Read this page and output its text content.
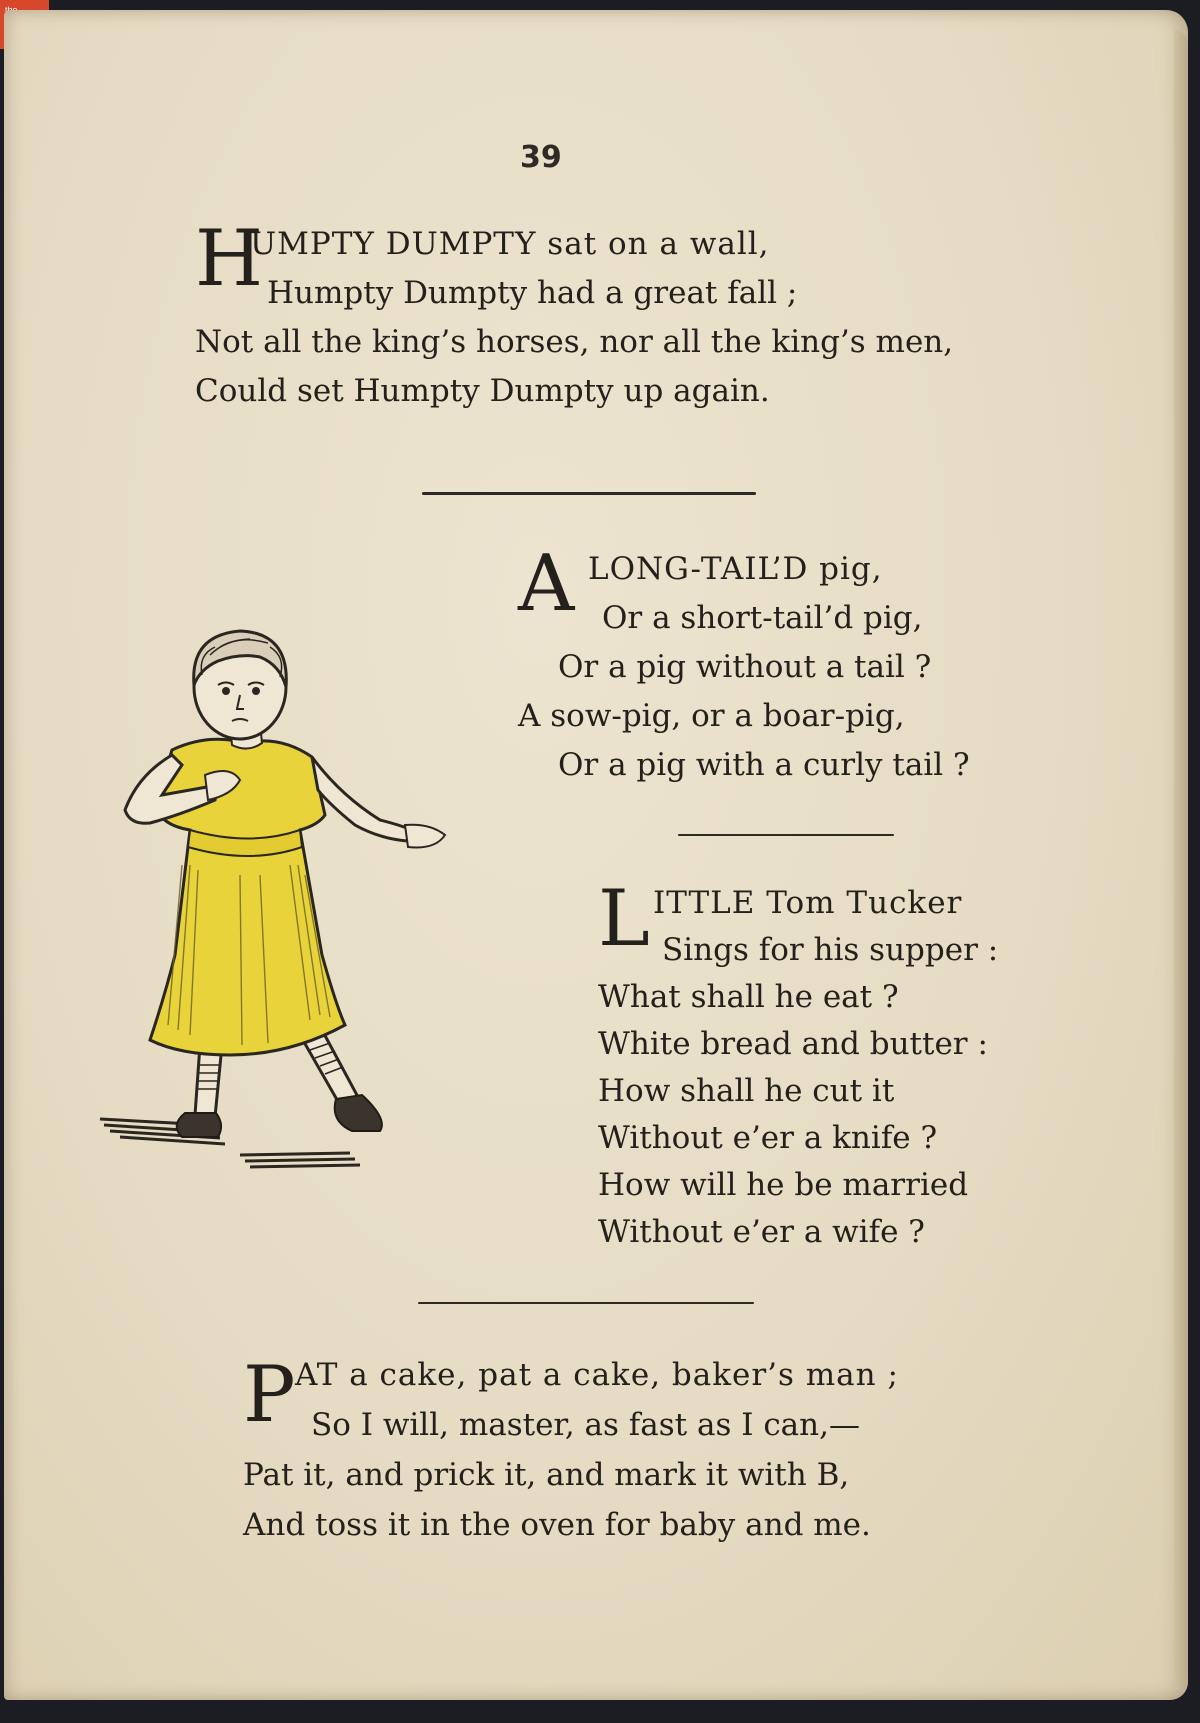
39
H
UMPTY DUMPTY sat on a wall,
Humpty Dumpty had a great fall ;
Not all the king’s horses, nor all the king’s men,
Could set Humpty Dumpty up again.
A LONG-TAIL’D pig,
Or a short-tail’d pig,
Or a pig without a tail ?
A sow-pig, or a boar-pig,
Or a pig with a curly tail ?
L ITTLE Tom Tucker
Sings for his supper :
What shall he eat ?
White bread and butter :
How shall he cut it
Without e’er a knife ?
How will he be married
Without e’er a wife ?
P AT a cake, pat a cake, baker’s man ;
So I will, master, as fast as I can,—
Pat it, and prick it, and mark it with B,
And toss it in the oven for baby and me.
